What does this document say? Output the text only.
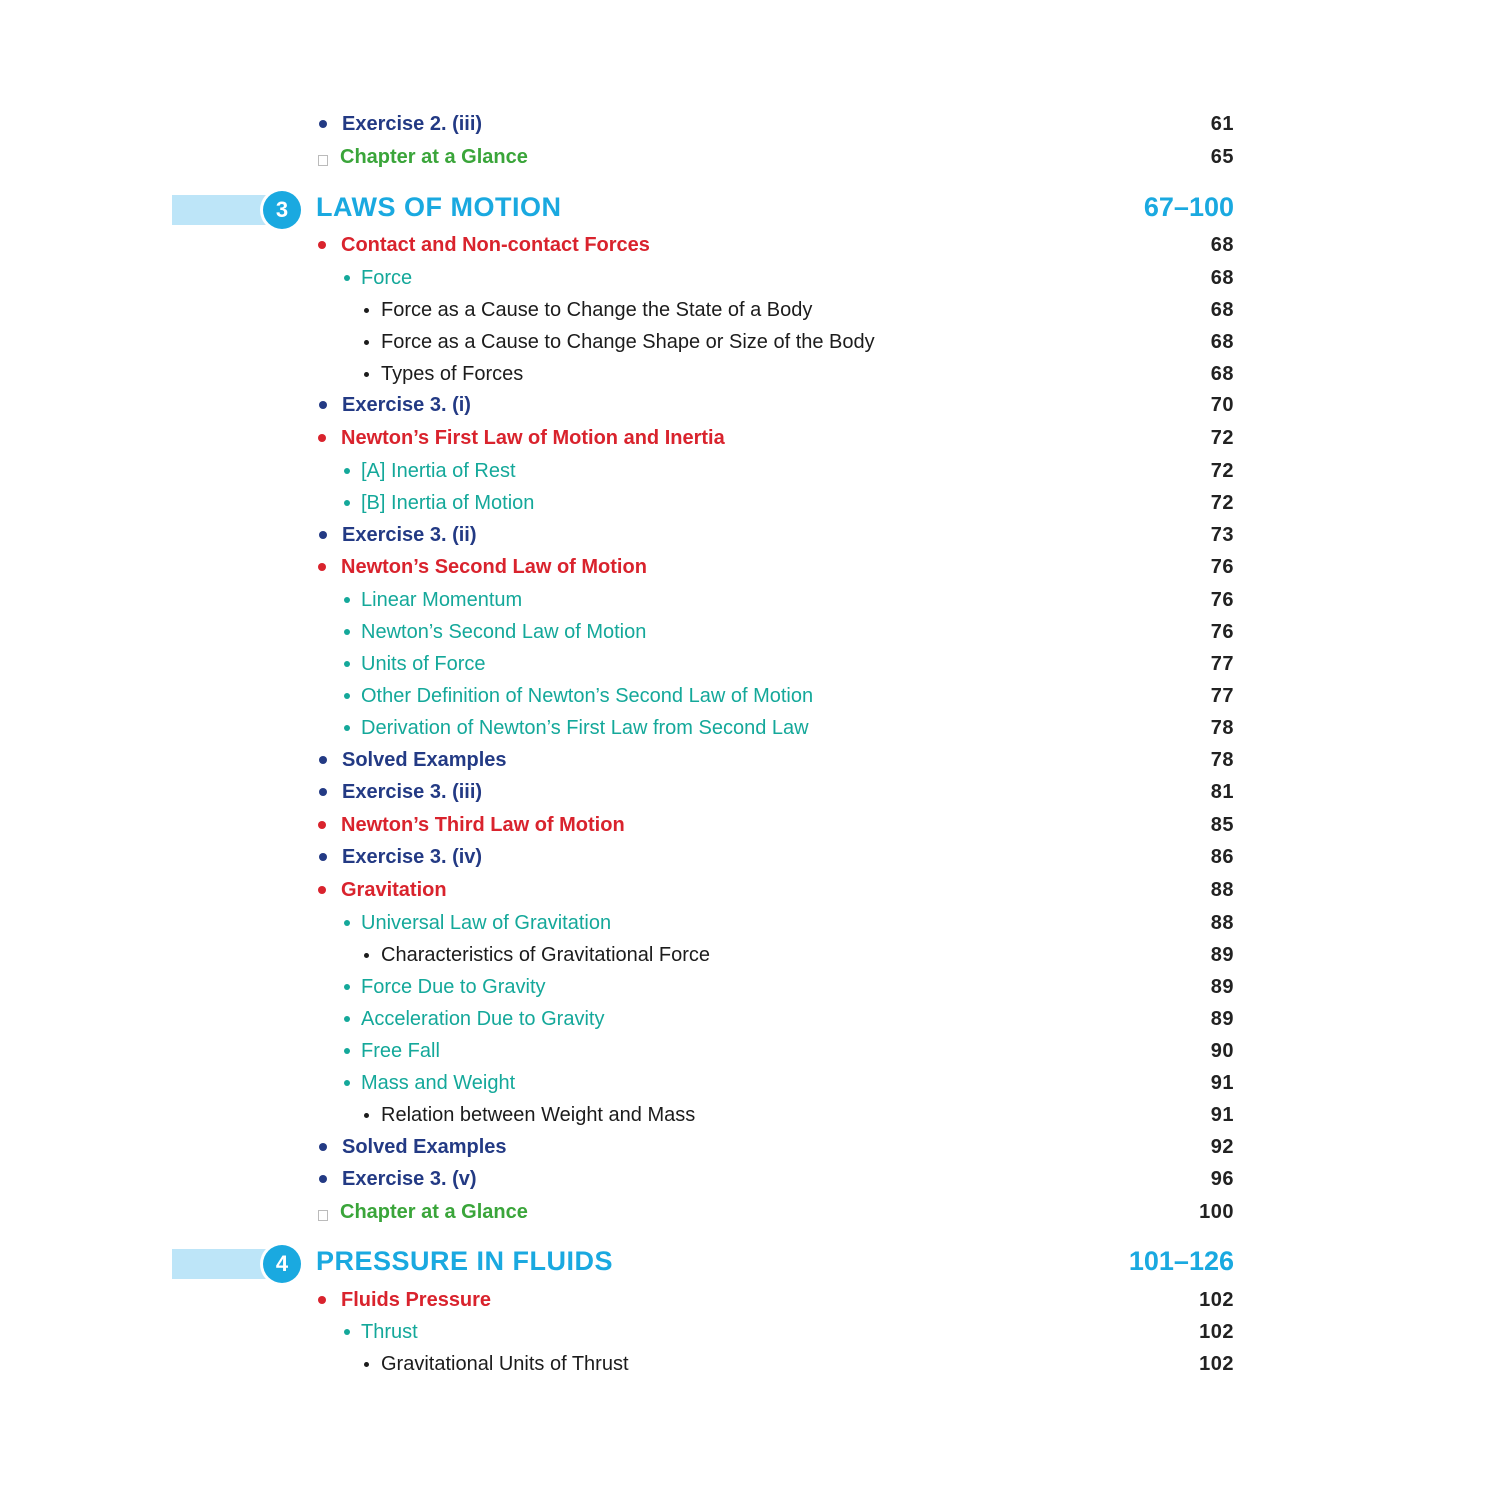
Exercise 2. (iii)	61
Chapter at a Glance	65
3	LAWS OF MOTION	67–100
Contact and Non-contact Forces	68
Force	68
Force as a Cause to Change the State of a Body	68
Force as a Cause to Change Shape or Size of the Body	68
Types of Forces	68
Exercise 3. (i)	70
Newton’s First Law of Motion and Inertia	72
[A] Inertia of Rest	72
[B] Inertia of Motion	72
Exercise 3. (ii)	73
Newton’s Second Law of Motion	76
Linear Momentum	76
Newton’s Second Law of Motion	76
Units of Force	77
Other Definition of Newton’s Second Law of Motion	77
Derivation of Newton’s First Law from Second Law	78
Solved Examples	78
Exercise 3. (iii)	81
Newton’s Third Law of Motion	85
Exercise 3. (iv)	86
Gravitation	88
Universal Law of Gravitation	88
Characteristics of Gravitational Force	89
Force Due to Gravity	89
Acceleration Due to Gravity	89
Free Fall	90
Mass and Weight	91
Relation between Weight and Mass	91
Solved Examples	92
Exercise 3. (v)	96
Chapter at a Glance	100
4	PRESSURE IN FLUIDS	101–126
Fluids Pressure	102
Thrust	102
Gravitational Units of Thrust	102
